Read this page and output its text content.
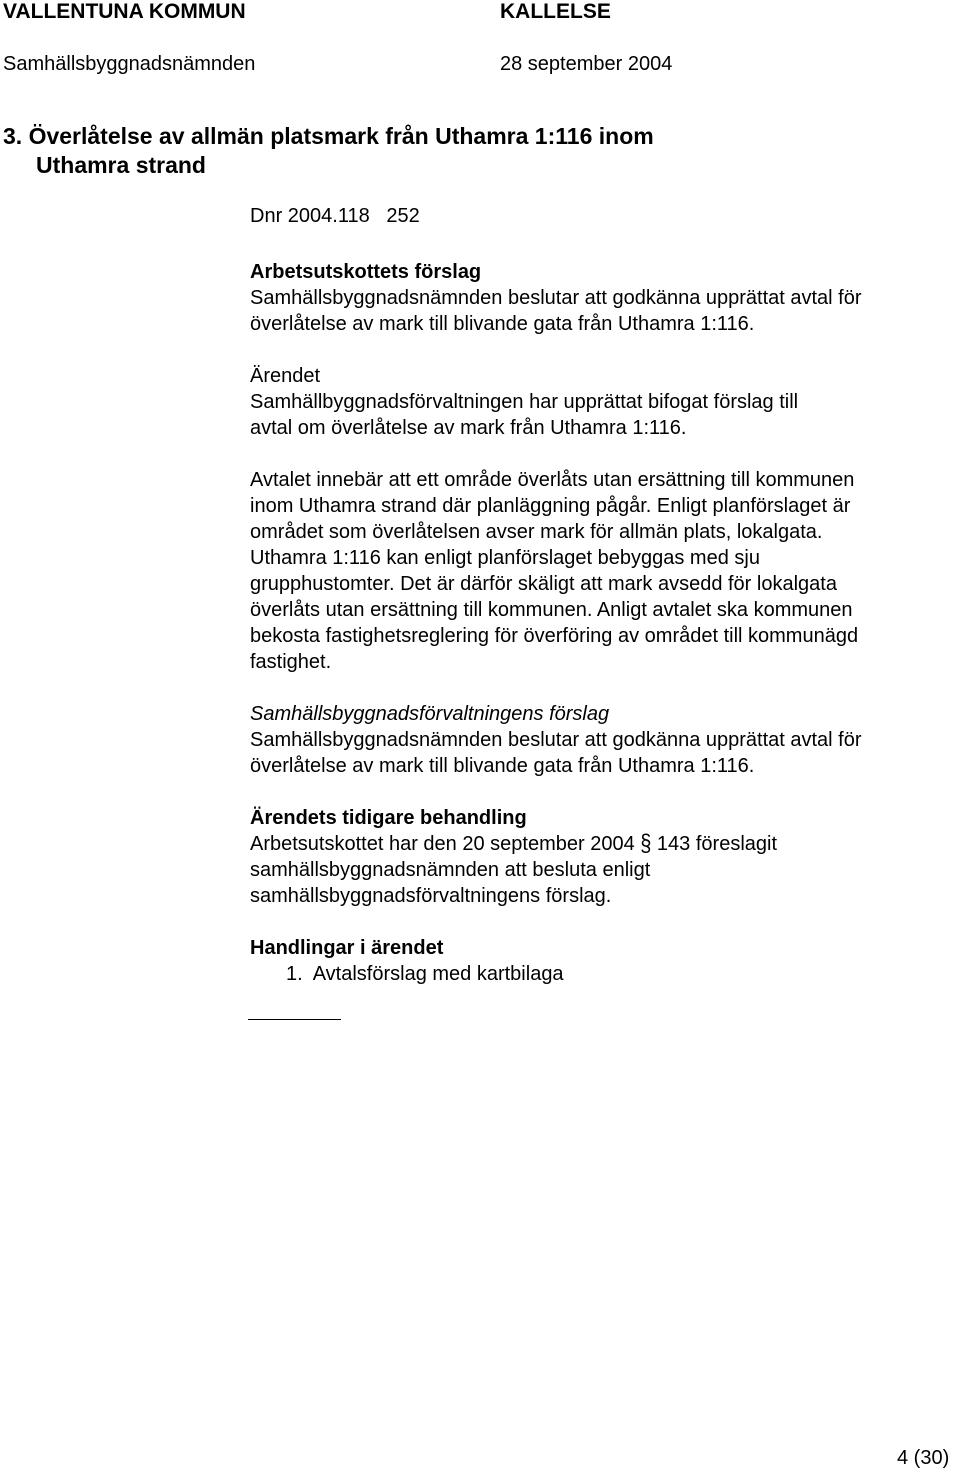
VALLENTUNA KOMMUN	KALLELSE
Samhällsbyggnadsnämnden	28 september 2004
3. Överlåtelse av allmän platsmark från Uthamra 1:116 inom
Uthamra strand

Dnr 2004.118   252

Arbetsutskottets förslag

Samhällsbyggnadsnämnden beslutar att godkänna upprättat avtal för

överlåtelse av mark till blivande gata från Uthamra 1:116.

Ärendet

Samhällbyggnadsförvaltningen har upprättat bifogat förslag till

avtal om överlåtelse av mark från Uthamra 1:116.

Avtalet innebär att ett område överlåts utan ersättning till kommunen

inom Uthamra strand där planläggning pågår. Enligt planförslaget är

området som överlåtelsen avser mark för allmän plats, lokalgata.

Uthamra 1:116 kan enligt planförslaget bebyggas med sju

grupphustomter. Det är därför skäligt att mark avsedd för lokalgata

överlåts utan ersättning till kommunen. Anligt avtalet ska kommunen

bekosta fastighetsreglering för överföring av området till kommunägd

fastighet.

Samhällsbyggnadsförvaltningens förslag

Samhällsbyggnadsnämnden beslutar att godkänna upprättat avtal för

överlåtelse av mark till blivande gata från Uthamra 1:116.

Ärendets tidigare behandling

Arbetsutskottet har den 20 september 2004 § 143 föreslagit

samhällsbyggnadsnämnden att besluta enligt

samhällsbyggnadsförvaltningens förslag.

Handlingar i ärendet

1.  Avtalsförslag med kartbilaga

4 (30)
